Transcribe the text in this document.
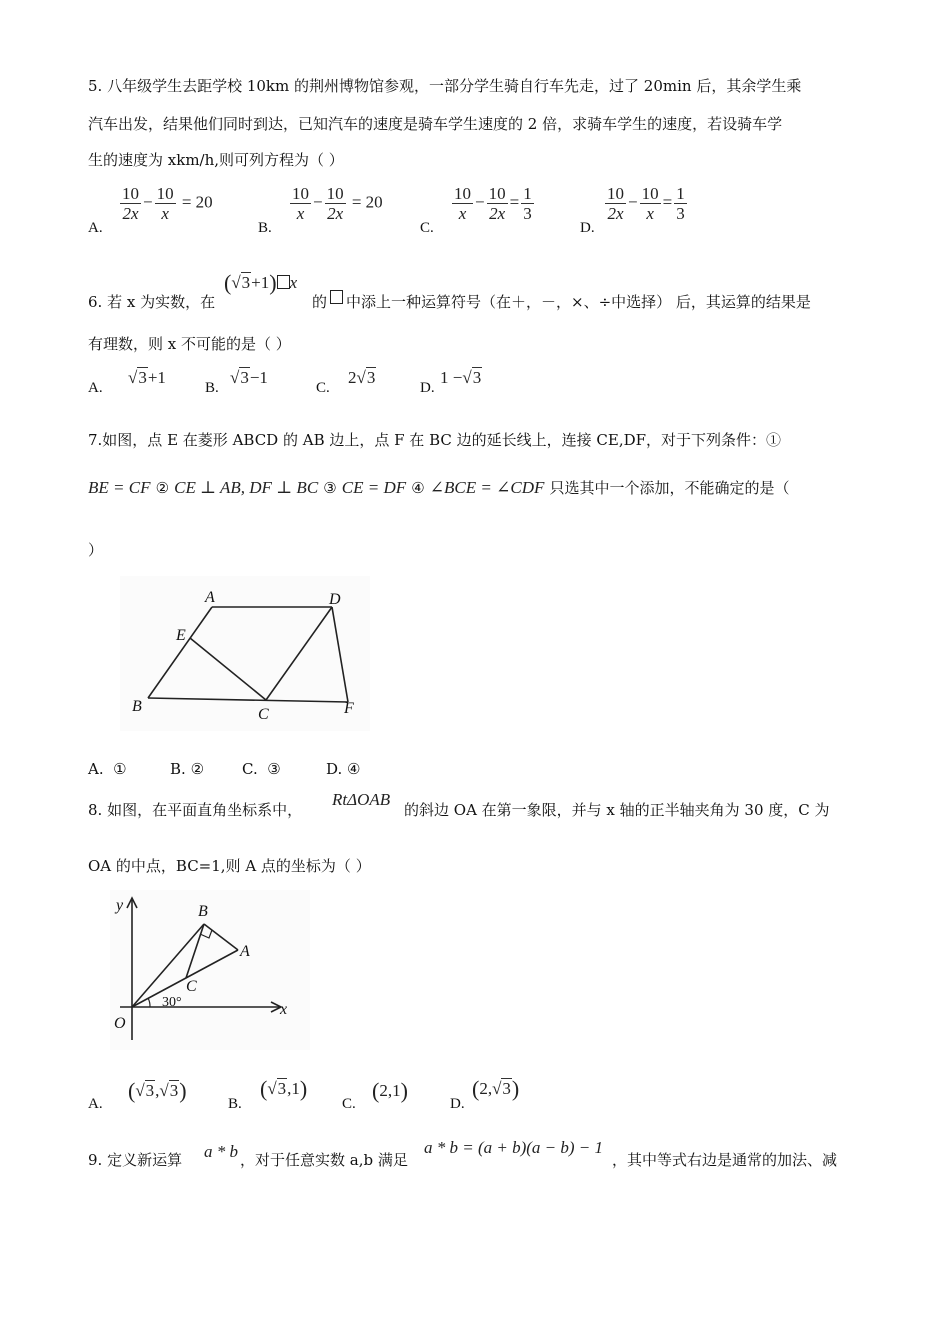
5. 八年级学生去距学校 10km 的荆州博物馆参观，一部分学生骑自行车先走，过了 20min 后，其余学生乘
汽车出发，结果他们同时到达，已知汽车的速度是骑车学生速度的 2 倍，求骑车学生的速度，若设骑车学
生的速度为 xkm/h,则可列方程为（ ）
A.
$\frac{10}{2x} - \frac{10}{x} = 20$
B.
$\frac{10}{x} - \frac{10}{2x} = 20$
C.
$\frac{10}{x} - \frac{10}{2x} = \frac{1}{3}$
D.
$\frac{10}{2x} - \frac{10}{x} = \frac{1}{3}$
6. 若 x 为实数，在
(√3+1) x
的 中添上一种运算符号（在＋，－，×、÷中选择） 后，其运算的结果是
有理数，则 x 不可能的是（ ）
A.
√3+1
B.
√3−1
C.
2√3
D.
1 −√3
7.如图，点 E 在菱形 ABCD 的 AB 边上，点 F 在 BC 边的延长线上，连接 CE,DF，对于下列条件：①
BE = CF ② CE ⊥ AB, DF ⊥ BC ③ CE = DF ④ ∠BCE = ∠CDF 只选其中一个添加，不能确定的是（
）
A	D
E
B	C	F
A. ①	B. ②	C. ③	D. ④
8. 如图，在平面直角坐标系中，
RtΔOAB
的斜边 OA 在第一象限，并与 x 轴的正半轴夹角为 30 度，C 为
OA 的中点，BC=1,则 A 点的坐标为（ ）
y
x
O
B
A
C
30°
A.
(√3,√3)
B.
(√3,1)
C.
(2,1)
D.
(2,√3)
9. 定义新运算 a * b ，对于任意实数 a,b 满足
a * b = (a + b)(a − b) − 1
，其中等式右边是通常的加法、减
